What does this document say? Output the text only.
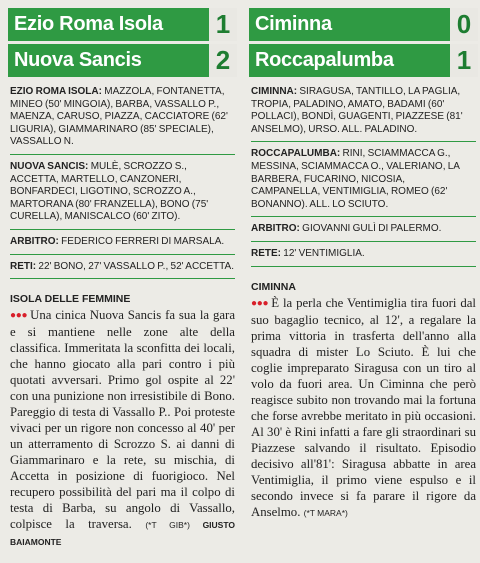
Ezio Roma Isola 1
Nuova Sancis	2
EZIO ROMA ISOLA: MAZZOLA, FONTANETTA, MINEO (50' MINGOIA), BARBA, VASSALLO P., MAENZA, CARUSO, PIAZZA, CACCIATORE (62' LIGURIA), GIAMMARINARO (85' SPECIALE), VASSALLO N.
NUOVA SANCIS: MULÈ, SCROZZO S., ACCETTA, MARTELLO, CANZONERI, BONFARDECI, LIGOTINO, SCROZZO A., MARTORANA (80' FRANZELLA), BONO (75' CURELLA), MANISCALCO (60' ZITO).
ARBITRO: FEDERICO FERRERI DI MARSALA.
RETI: 22' BONO, 27' VASSALLO P., 52' ACCETTA.
ISOLA DELLE FEMMINE
●●● Una cinica Nuova Sancis fa sua la gara e si mantiene nelle zone alte della classifica. Immeritata la sconfitta dei locali, che hanno giocato alla pari contro i più quotati avversari. Primo gol ospite al 22' con una punizione non irresistibile di Bono. Pareggio di testa di Vassallo P.. Poi proteste vivaci per un rigore non concesso al 40' per un atterramento di Scrozzo S. ai danni di Giammarinaro e la rete, su mischia, di Accetta in posizione di fuorigioco. Nel recupero possibilità del pari ma il colpo di testa di Barba, su angolo di Vassallo, colpisce la traversa. (*T GIB*) GIUSTO BAIAMONTE
Ciminna	0
Roccapalumba 1
CIMINNA: SIRAGUSA, TANTILLO, LA PAGLIA, TROPIA, PALADINO, AMATO, BADAMI (60' POLLACI), BONDÌ, GUAGENTI, PIAZZESE (81' ANSELMO), URSO. ALL. PALADINO.
ROCCAPALUMBA: RINI, SCIAMMACCA G., MESSINA, SCIAMMACCA O., VALERIANO, LA BARBERA, FUCARINO, NICOSIA, CAMPANELLA, VENTIMIGLIA, ROMEO (62' BONANNO). ALL. LO SCIUTO.
ARBITRO: GIOVANNI GULÌ DI PALERMO.
RETE: 12' VENTIMIGLIA.
CIMINNA
●●● È la perla che Ventimiglia tira fuori dal suo bagaglio tecnico, al 12', a regalare la prima vittoria in trasferta dell'anno alla squadra di mister Lo Sciuto. È lui che coglie impreparato Siragusa con un tiro al volo da fuori area. Un Ciminna che però reagisce subito non trovando mai la fortuna che forse avrebbe meritato in più occasioni. Al 30' è Rini infatti a fare gli straordinari su Piazzese salvando il risultato. Episodio decisivo all'81': Siragusa abbatte in area Ventimiglia, il primo viene espulso e il secondo invece si fa parare il rigore da Anselmo. (*T MARA*)
